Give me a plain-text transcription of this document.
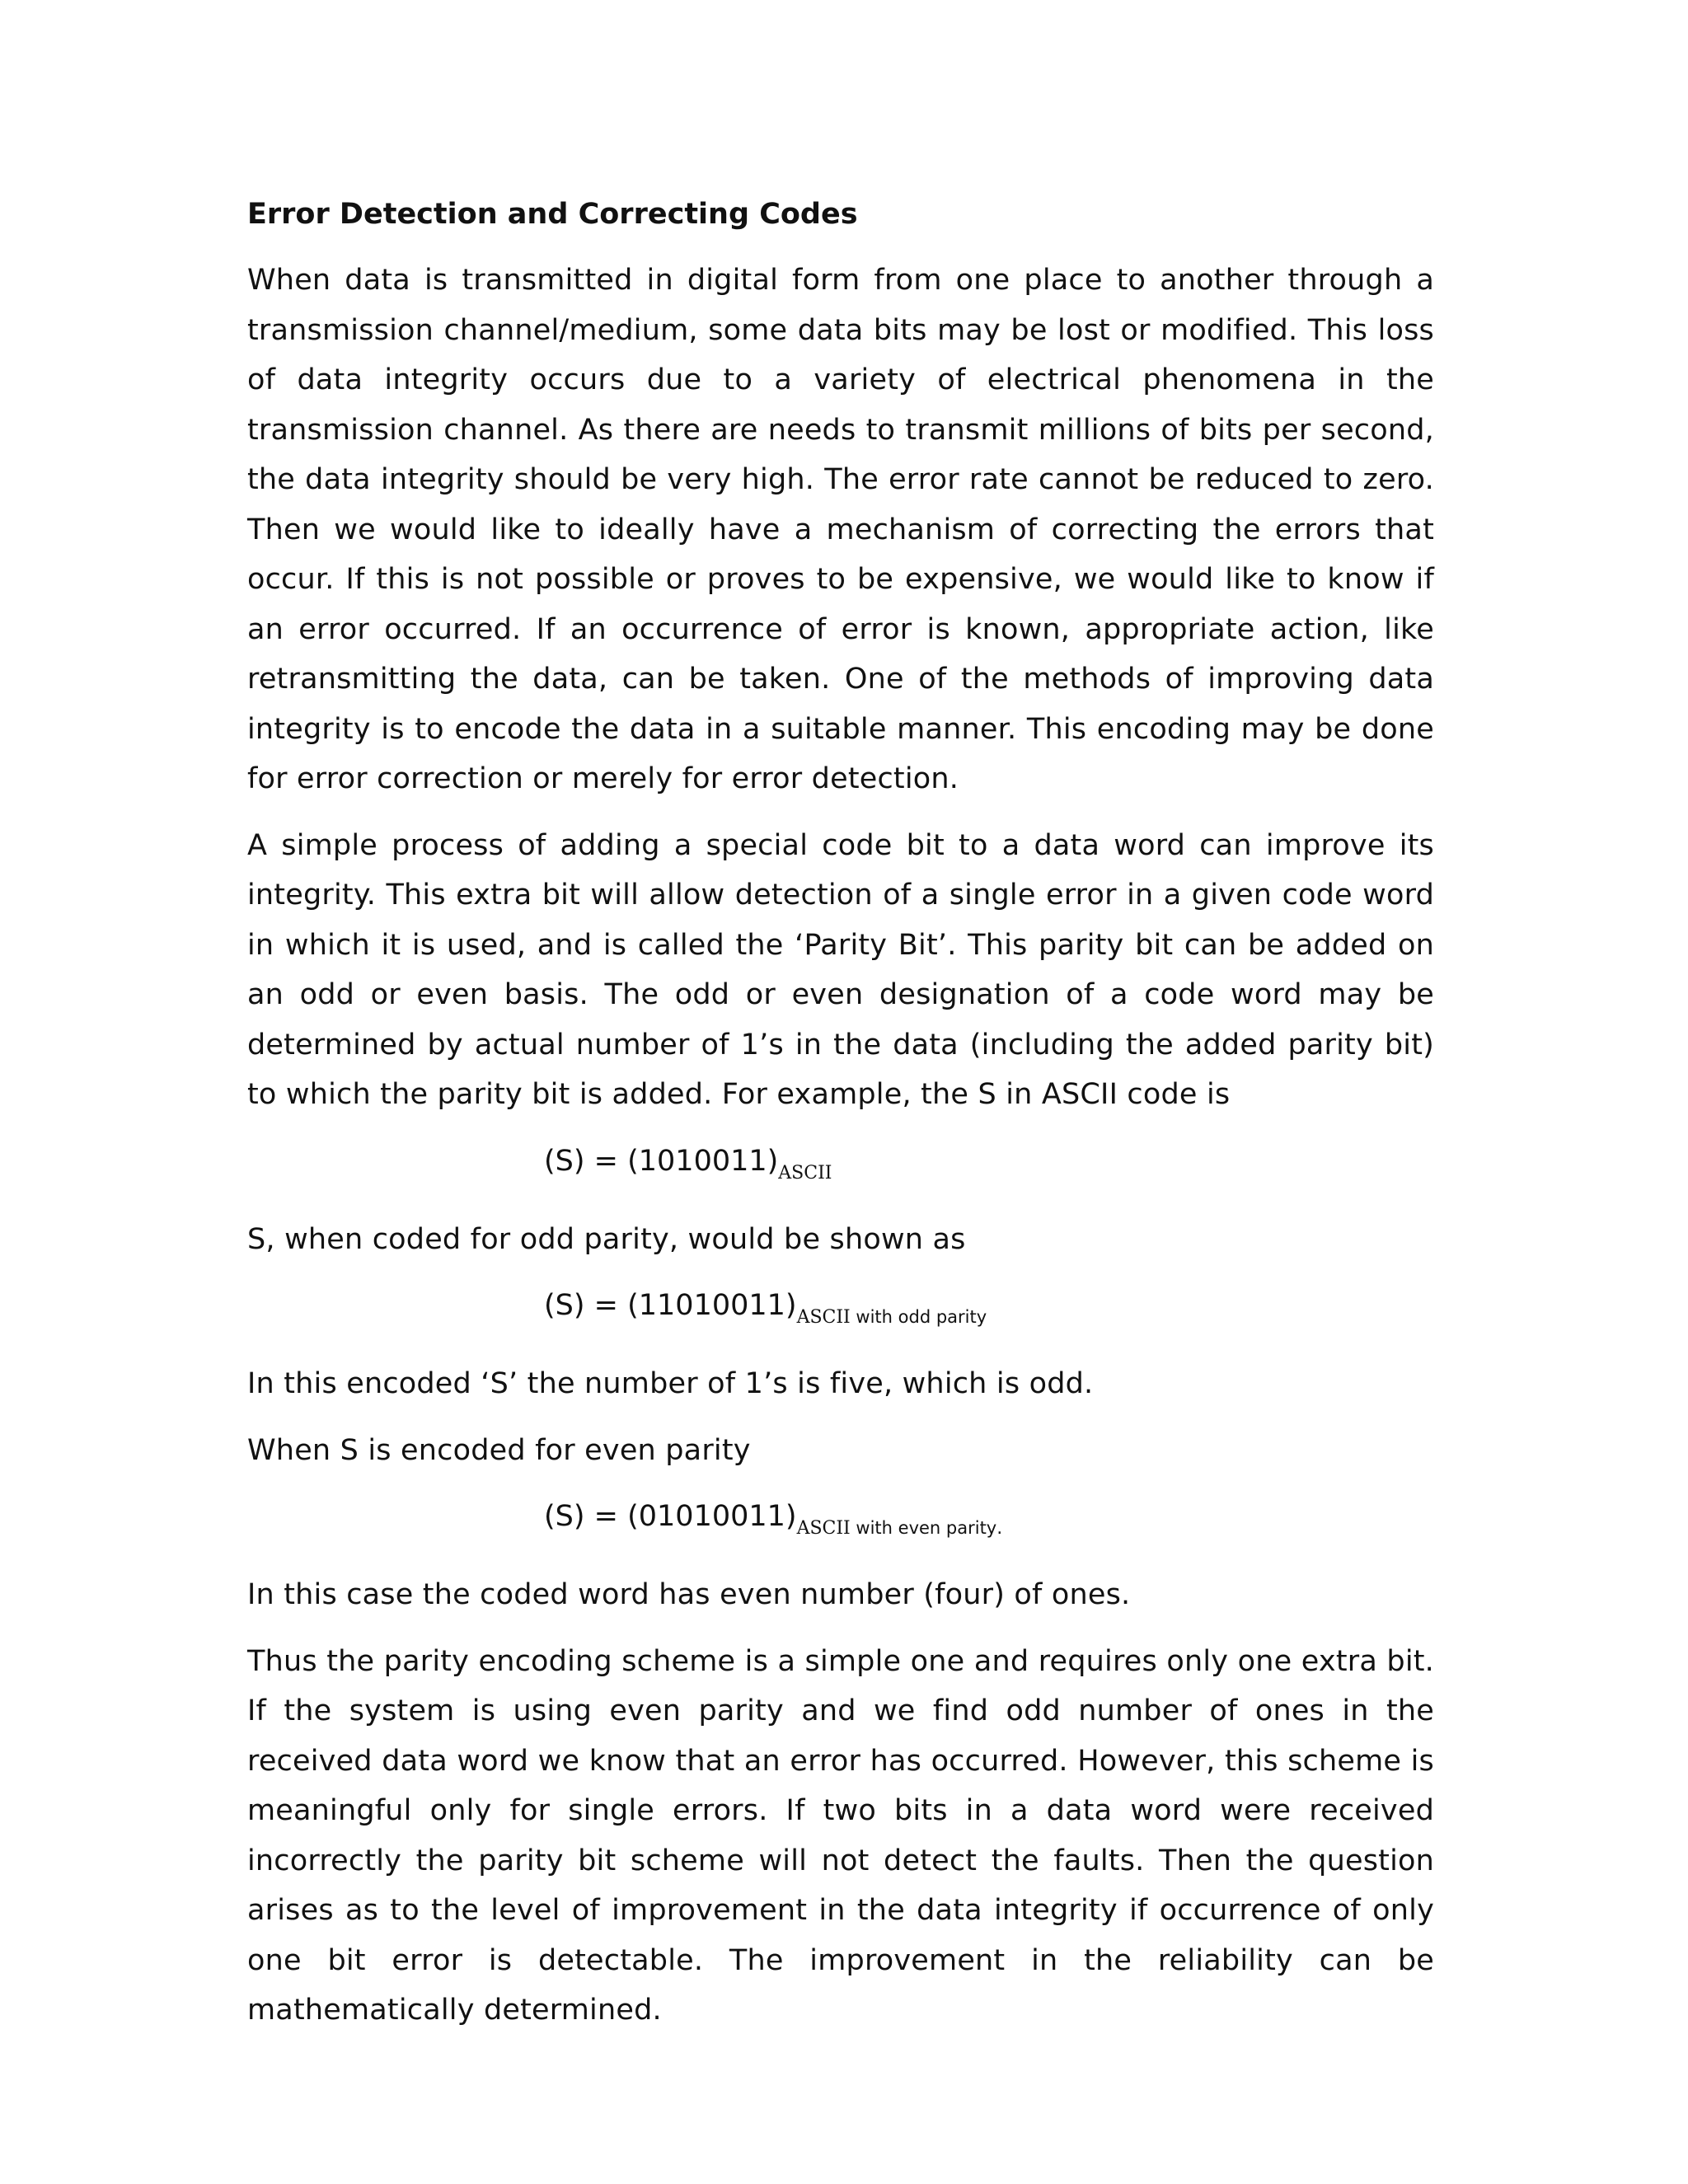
Error Detection and Correcting Codes

When data is transmitted in digital form from one place to another through a transmission channel/medium, some data bits may be lost or modified. This loss of data integrity occurs due to a variety of electrical phenomena in the transmission channel. As there are needs to transmit millions of bits per second, the data integrity should be very high. The error rate cannot be reduced to zero. Then we would like to ideally have a mechanism of correcting the errors that occur. If this is not possible or proves to be expensive, we would like to know if an error occurred. If an occurrence of error is known, appropriate action, like retransmitting the data, can be taken. One of the methods of improving data integrity is to encode the data in a suitable manner. This encoding may be done for error correction or merely for error detection.

A simple process of adding a special code bit to a data word can improve its integrity. This extra bit will allow detection of a single error in a given code word in which it is used, and is called the ‘Parity Bit’. This parity bit can be added on an odd or even basis. The odd or even designation of a code word may be determined by actual number of 1’s in the data (including the added parity bit) to which the parity bit is added. For example, the S in ASCII code is

$(S) = (1010011)_{ASCII}$

S, when coded for odd parity, would be shown as

$(S) = (11010011)_{ASCII with odd parity}$

In this encoded ‘S’ the number of 1’s is five, which is odd.

When S is encoded for even parity

$(S) = (01010011)_{ASCII with even parity.}$

In this case the coded word has even number (four) of ones.

Thus the parity encoding scheme is a simple one and requires only one extra bit. If the system is using even parity and we find odd number of ones in the received data word we know that an error has occurred. However, this scheme is meaningful only for single errors. If two bits in a data word were received incorrectly the parity bit scheme will not detect the faults. Then the question arises as to the level of improvement in the data integrity if occurrence of only one bit error is detectable. The improvement in the reliability can be mathematically determined.
